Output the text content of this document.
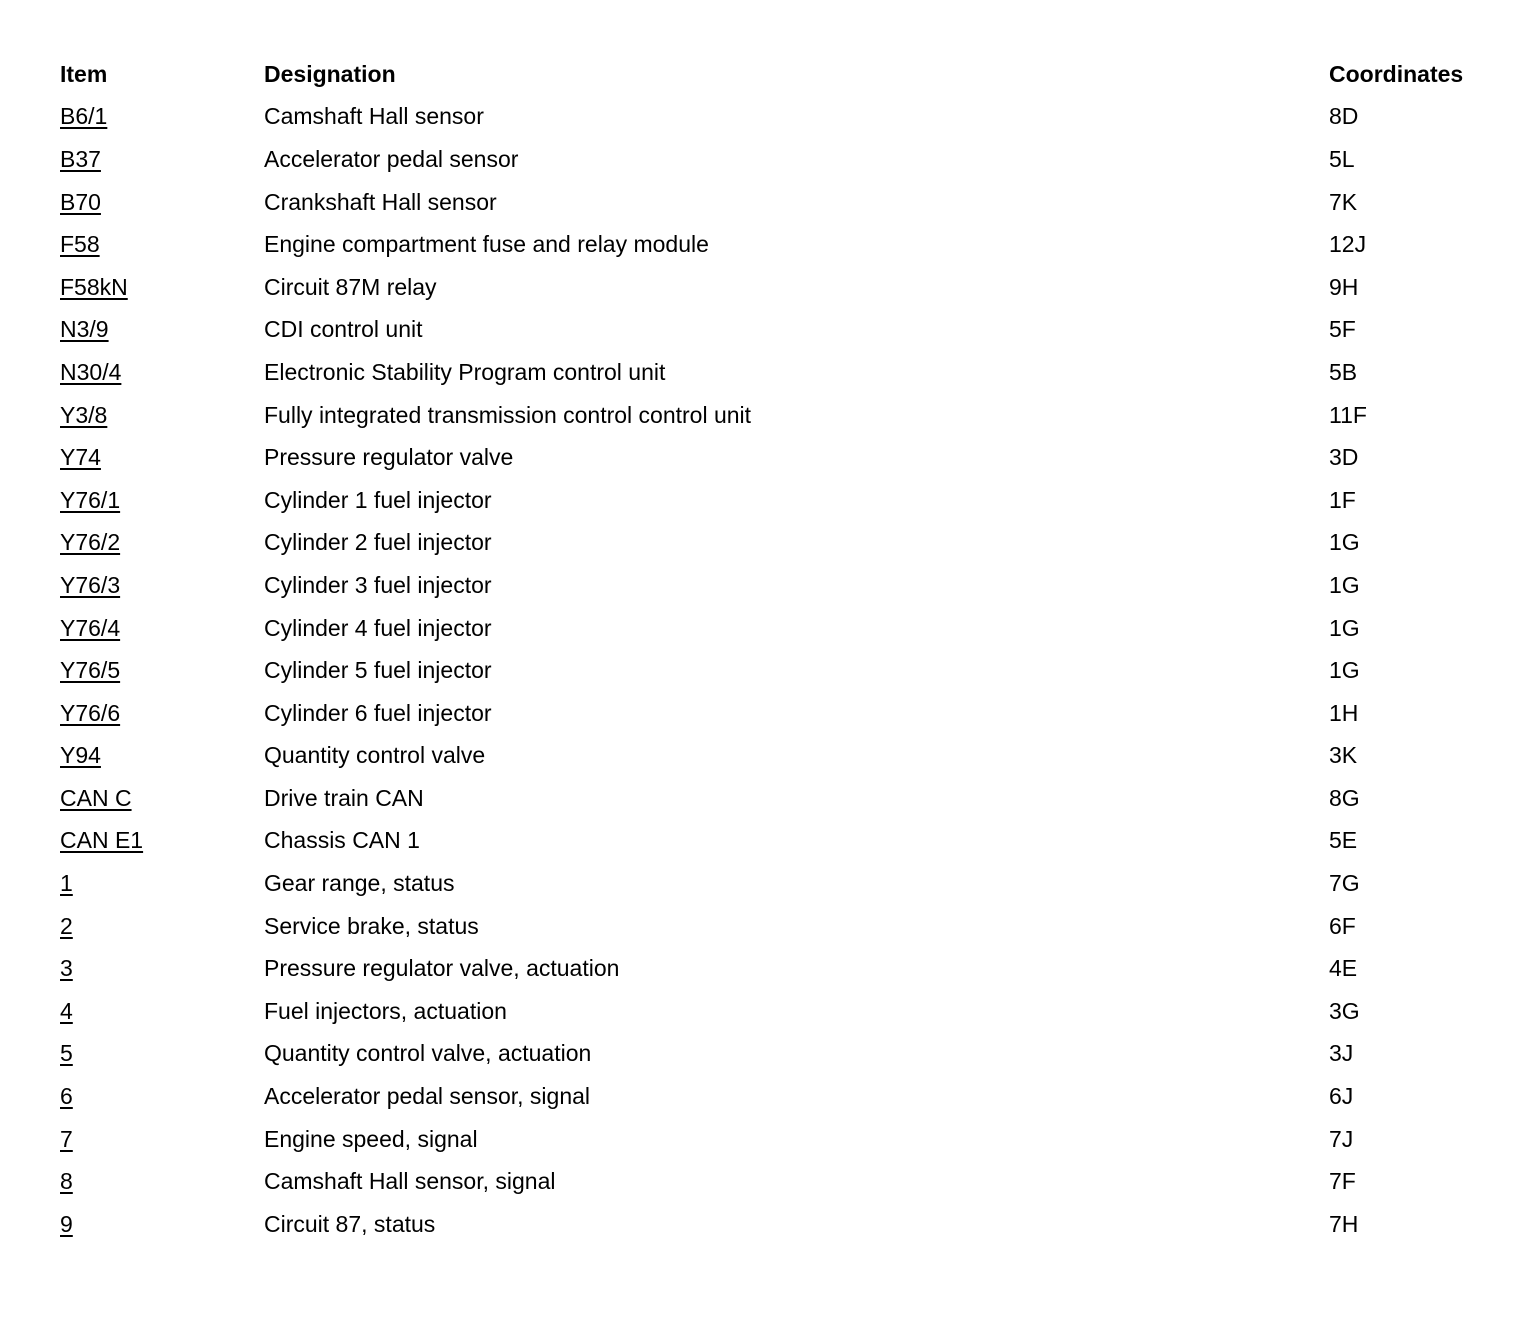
Item	Designation	Coordinates
B6/1	Camshaft Hall sensor	8D
B37	Accelerator pedal sensor	5L
B70	Crankshaft Hall sensor	7K
F58	Engine compartment fuse and relay module	12J
F58kN	Circuit 87M relay	9H
N3/9	CDI control unit	5F
N30/4	Electronic Stability Program control unit	5B
Y3/8	Fully integrated transmission control control unit	11F
Y74	Pressure regulator valve	3D
Y76/1	Cylinder 1 fuel injector	1F
Y76/2	Cylinder 2 fuel injector	1G
Y76/3	Cylinder 3 fuel injector	1G
Y76/4	Cylinder 4 fuel injector	1G
Y76/5	Cylinder 5 fuel injector	1G
Y76/6	Cylinder 6 fuel injector	1H
Y94	Quantity control valve	3K
CAN C	Drive train CAN	8G
CAN E1	Chassis CAN 1	5E
1	Gear range, status	7G
2	Service brake, status	6F
3	Pressure regulator valve, actuation	4E
4	Fuel injectors, actuation	3G
5	Quantity control valve, actuation	3J
6	Accelerator pedal sensor, signal	6J
7	Engine speed, signal	7J
8	Camshaft Hall sensor, signal	7F
9	Circuit 87, status	7H
